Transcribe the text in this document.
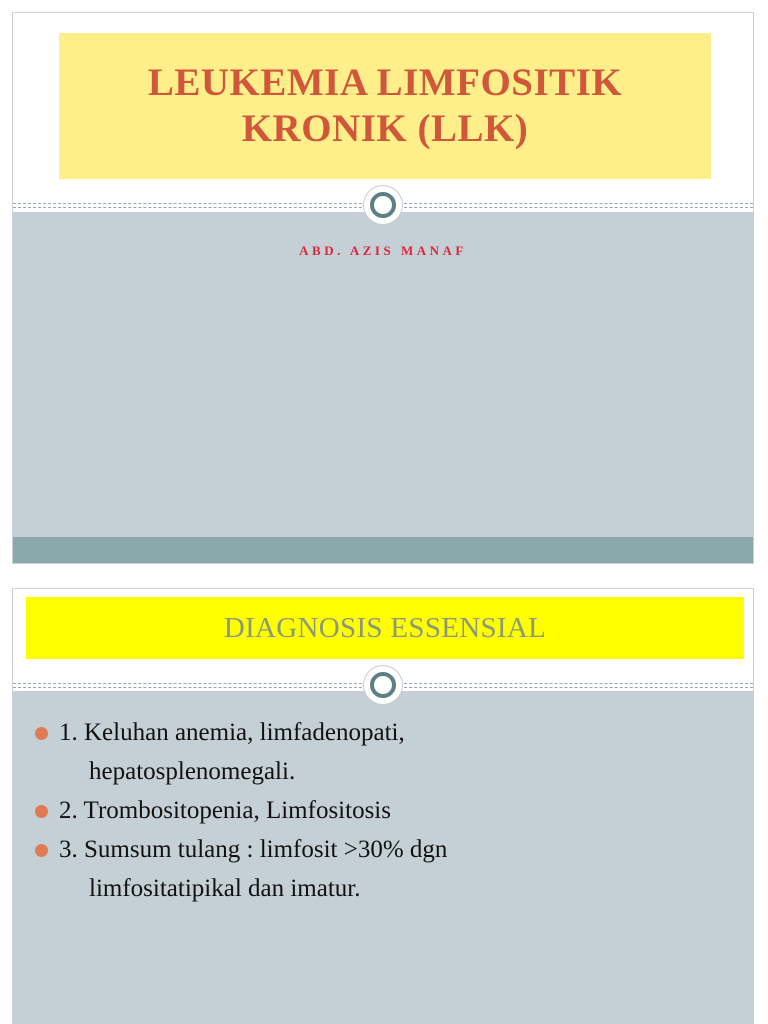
LEUKEMIA LIMFOSITIK
KRONIK (LLK)
ABD. AZIS MANAF
DIAGNOSIS ESSENSIAL
1. Keluhan anemia, limfadenopati,
hepatosplenomegali.
2. Trombositopenia, Limfositosis
3. Sumsum tulang : limfosit >30% dgn
limfositatipikal dan imatur.
